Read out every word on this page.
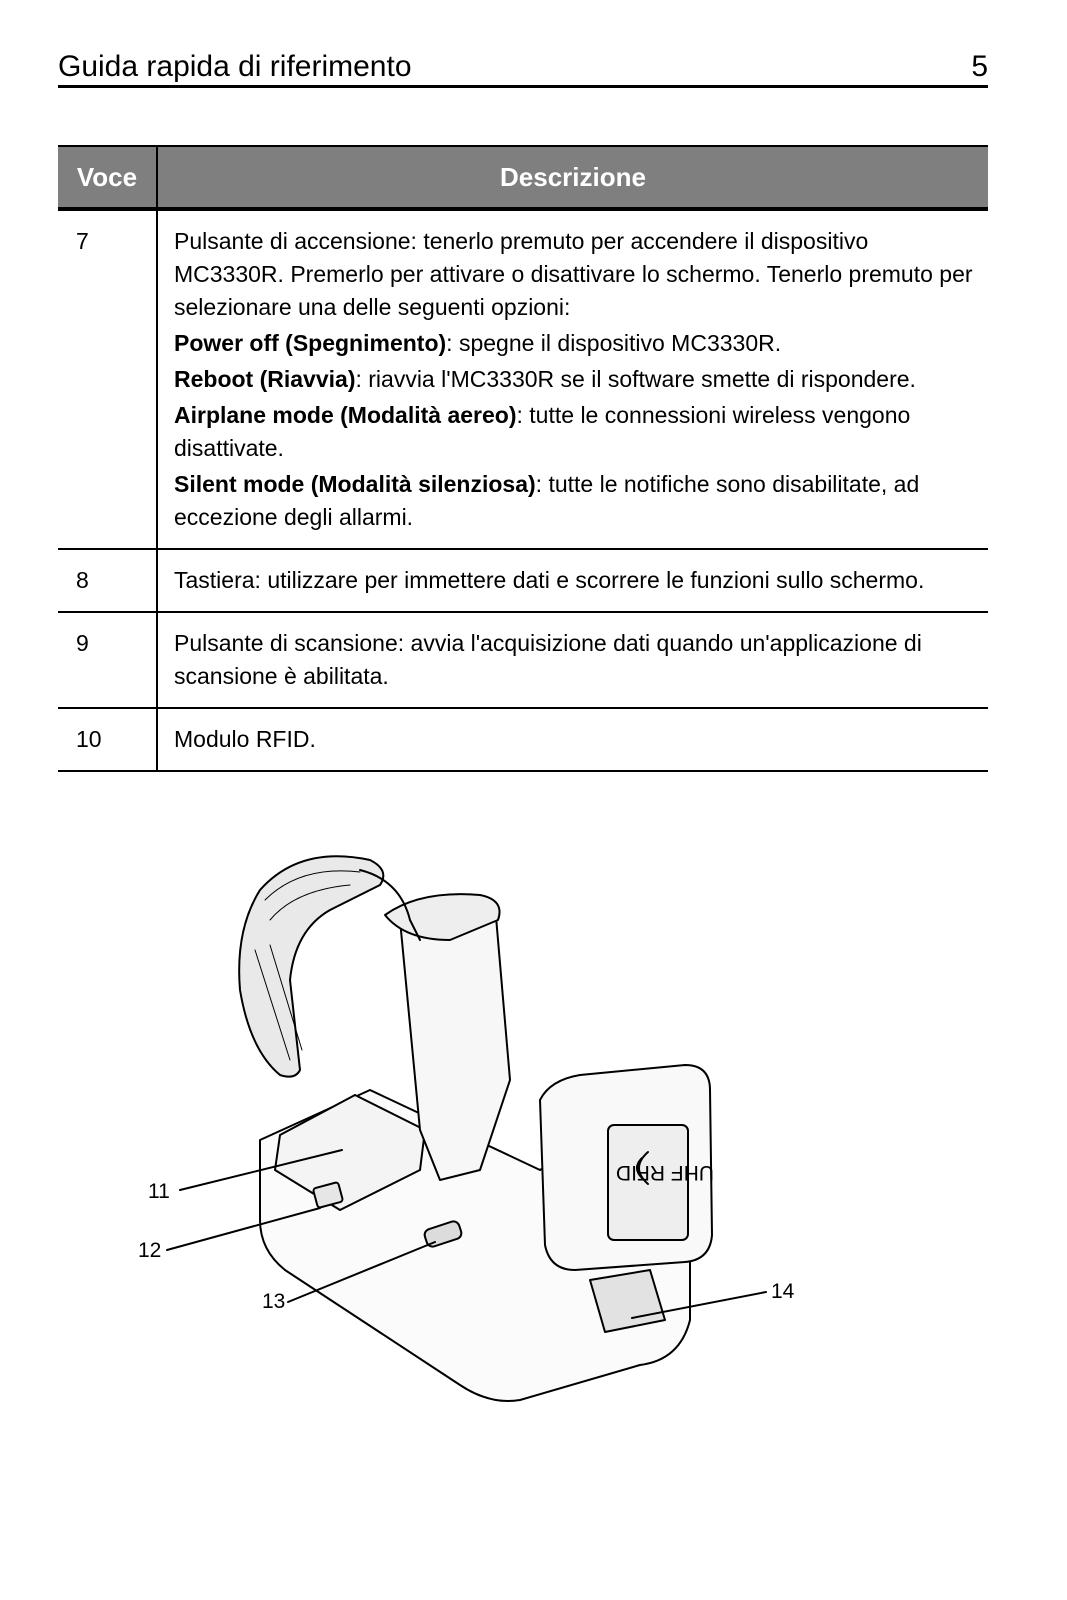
Guida rapida di riferimento	5
Voce	Descrizione
7	Pulsante di accensione: tenerlo premuto per accendere il dispositivo MC3330R. Premerlo per attivare o disattivare lo schermo. Tenerlo premuto per selezionare una delle seguenti opzioni:

Power off (Spegnimento): spegne il dispositivo MC3330R.

Reboot (Riavvia): riavvia l'MC3330R se il software smette di rispondere.

Airplane mode (Modalità aereo): tutte le connessioni wireless vengono disattivate.

Silent mode (Modalità silenziosa): tutte le notifiche sono disabilitate, ad eccezione degli allarmi.

8	Tastiera: utilizzare per immettere dati e scorrere le funzioni sullo schermo.
9	Pulsante di scansione: avvia l'acquisizione dati quando un'applicazione di scansione è abilitata.
10	Modulo RFID.
UHF RFID
11
12
13	14
